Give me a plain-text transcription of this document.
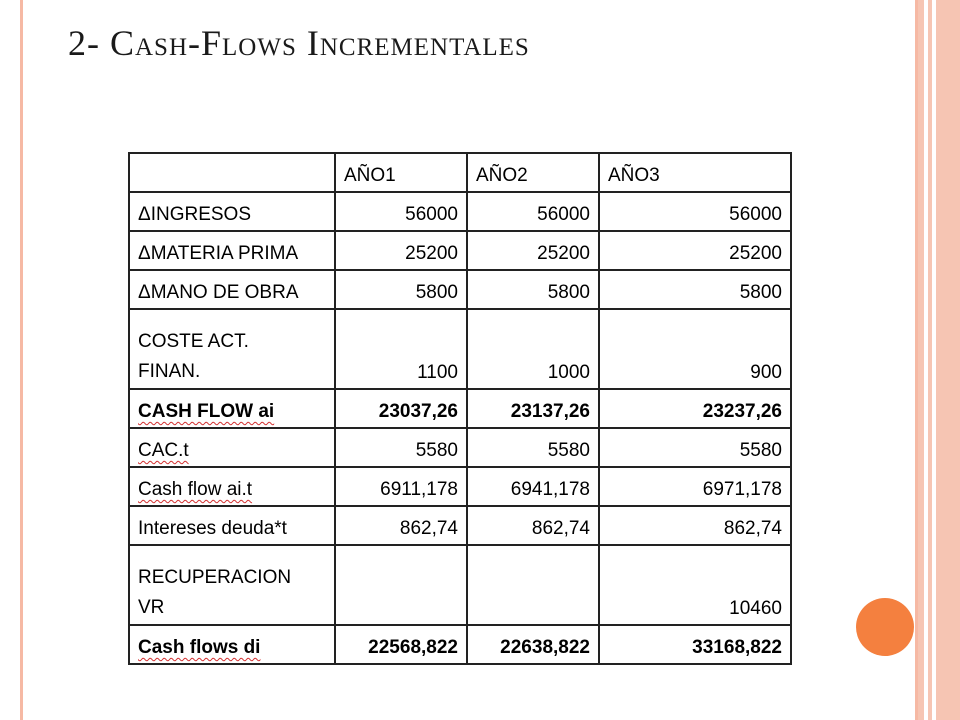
2- Cash-Flows Incrementales
	AÑO1	AÑO2	AÑO3
ΔINGRESOS	56000	56000	56000
ΔMATERIA PRIMA	25200	25200	25200
ΔMANO DE OBRA	5800	5800	5800

COSTE ACT.
FINAN.	1100	1000	900
CASH FLOW ai	23037,26	23137,26	23237,26
CAC.t	5580	5580	5580
Cash flow ai.t	6911,178	6941,178	6971,178
Intereses deuda*t	862,74	862,74	862,74

RECUPERACION
VR			10460
Cash flows di	22568,822	22638,822	33168,822
